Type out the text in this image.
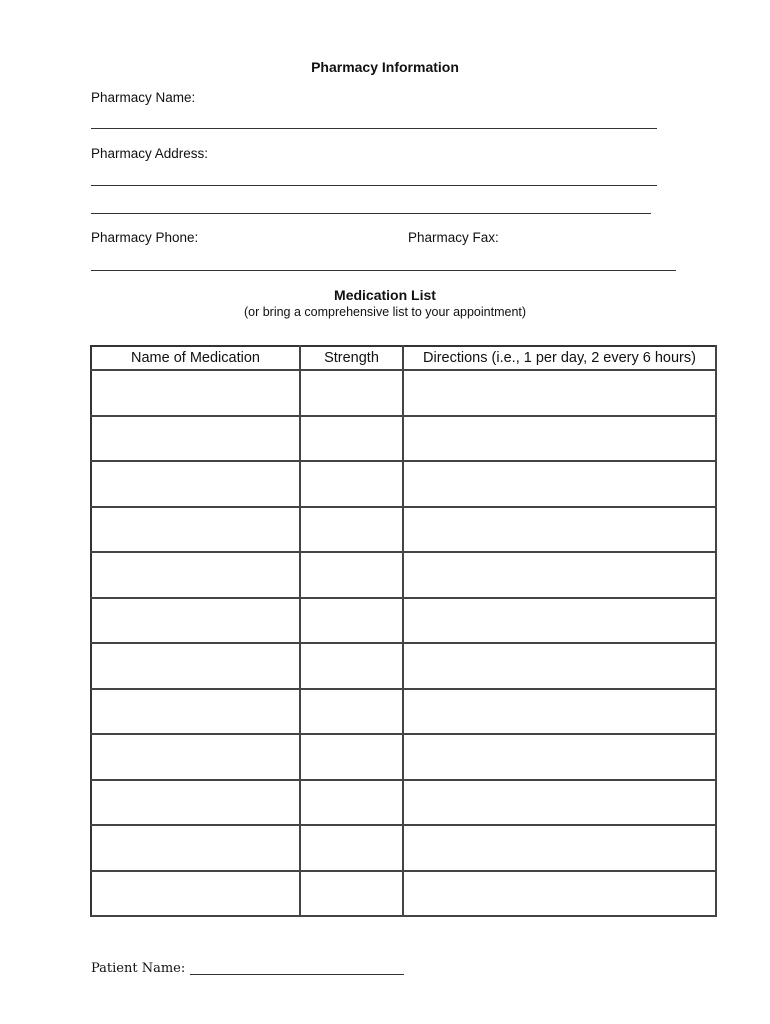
Pharmacy Information
Pharmacy Name:
Pharmacy Address:
Pharmacy Phone:	Pharmacy Fax:
Medication List
(or bring a comprehensive list to your appointment)
Name of Medication	Strength	Directions (i.e., 1 per day, 2 every 6 hours)

Patient Name:
